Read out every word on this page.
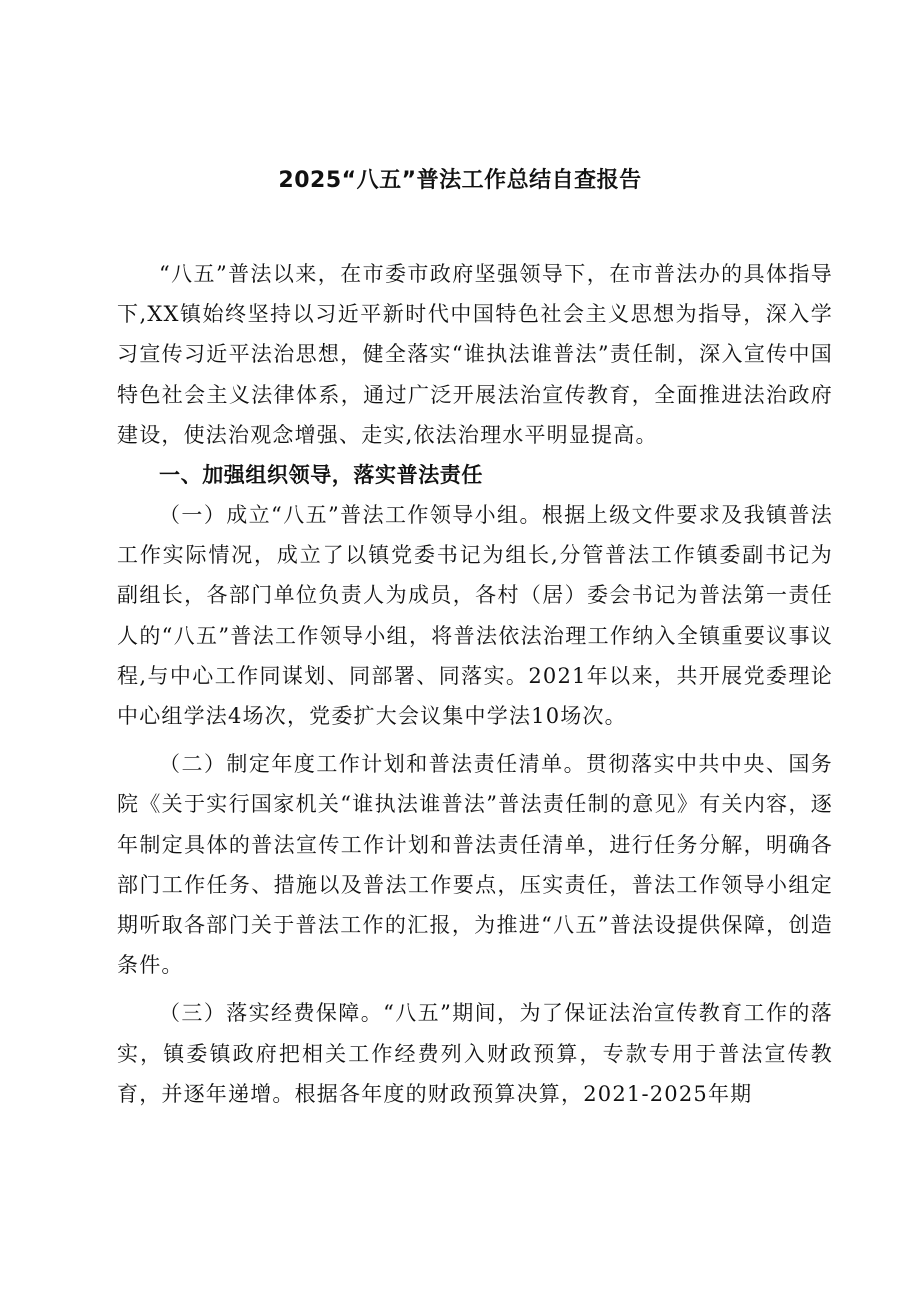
2025“八五”普法工作总结自查报告

“八五”普法以来，在市委市政府坚强领导下，在市普法办的具体指导下,XX镇始终坚持以习近平新时代中国特色社会主义思想为指导，深入学习宣传习近平法治思想，健全落实“谁执法谁普法”责任制，深入宣传中国特色社会主义法律体系，通过广泛开展法治宣传教育，全面推进法治政府建设，使法治观念增强、走实,依法治理水平明显提高。

一、加强组织领导，落实普法责任

（一）成立“八五”普法工作领导小组。根据上级文件要求及我镇普法工作实际情况，成立了以镇党委书记为组长,分管普法工作镇委副书记为副组长，各部门单位负责人为成员，各村（居）委会书记为普法第一责任人的“八五”普法工作领导小组，将普法依法治理工作纳入全镇重要议事议程,与中心工作同谋划、同部署、同落实。2021年以来，共开展党委理论中心组学法4场次，党委扩大会议集中学法10场次。

（二）制定年度工作计划和普法责任清单。贯彻落实中共中央、国务院《关于实行国家机关“谁执法谁普法”普法责任制的意见》有关内容，逐年制定具体的普法宣传工作计划和普法责任清单，进行任务分解，明确各部门工作任务、措施以及普法工作要点，压实责任，普法工作领导小组定期听取各部门关于普法工作的汇报，为推进“八五”普法设提供保障，创造条件。

（三）落实经费保障。“八五”期间，为了保证法治宣传教育工作的落实，镇委镇政府把相关工作经费列入财政预算，专款专用于普法宣传教育，并逐年递增。根据各年度的财政预算决算，2021-2025年期
